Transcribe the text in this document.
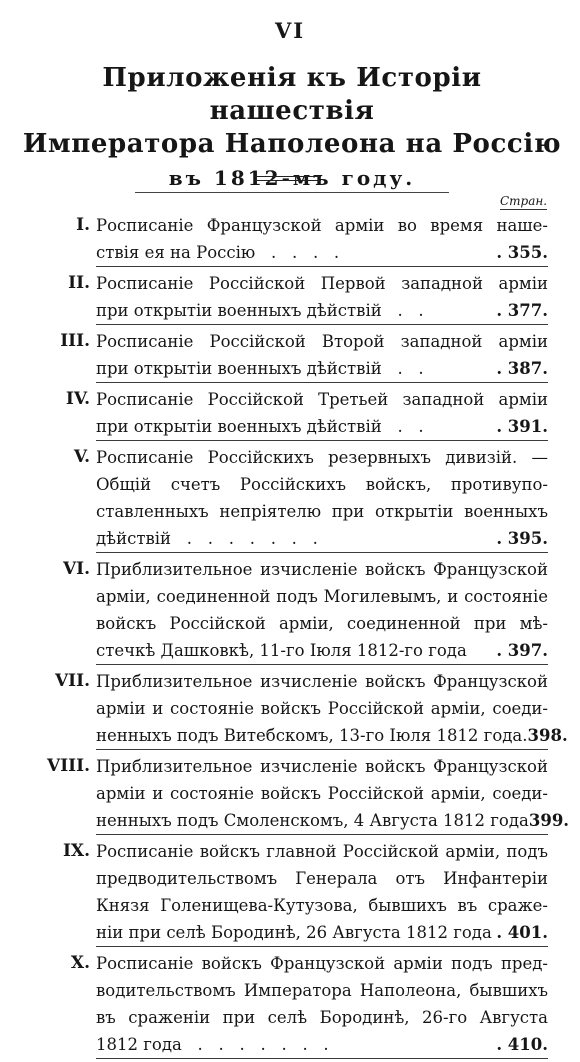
VI
Приложенія къ Исторіи нашествія
Императора Наполеона на Россію
въ 1812-мъ году.
Стран.
I. Росписаніе Французской арміи во время наше-
ствія ея на Россію   .   .   .   .	. 355.
II. Росписаніе Россійской Первой западной арміи
при открытіи военныхъ дѣйствій   .   .	. 377.
III. Росписаніе Россійской Второй западной арміи
при открытіи военныхъ дѣйствій   .   .	. 387.
IV. Росписаніе Россійской Третьей западной арміи
при открытіи военныхъ дѣйствій   .   .	. 391.
V. Росписаніе Россійскихъ резервныхъ дивизій. —
Общій счетъ Россійскихъ войскъ, противупо-
ставленныхъ непріятелю при открытіи военныхъ
дѣйствій   .   .   .   .   .   .   .	. 395.
VI. Приблизительное изчисленіе войскъ Французской
арміи, соединенной подъ Могилевымъ, и состояніе
войскъ Россійской арміи, соединенной при мѣ-
стечкѣ Дашковкѣ, 11-го Іюля 1812-го года . 397.
VII. Приблизительное изчисленіе войскъ Французской
арміи и состояніе войскъ Россійской арміи, соеди-
ненныхъ подъ Витебскомъ, 13-го Іюля 1812 года. 398.
VIII. Приблизительное изчисленіе войскъ Французской
арміи и состояніе войскъ Россійской арміи, соеди-
ненныхъ подъ Смоленскомъ, 4 Августа 1812 года 399.
IX. Росписаніе войскъ главной Россійской арміи, подъ
предводительствомъ Генерала отъ Инфантеріи
Князя Голенищева-Кутузова, бывшихъ въ сраже-
ніи при селѣ Бородинѣ, 26 Августа 1812 года . 401.
X. Росписаніе войскъ Французской арміи подъ пред-
водительствомъ Императора Наполеона, бывшихъ
въ сраженіи при селѣ Бородинѣ, 26-го Августа
1812 года   .   .   .   .   .   .   .	. 410.
